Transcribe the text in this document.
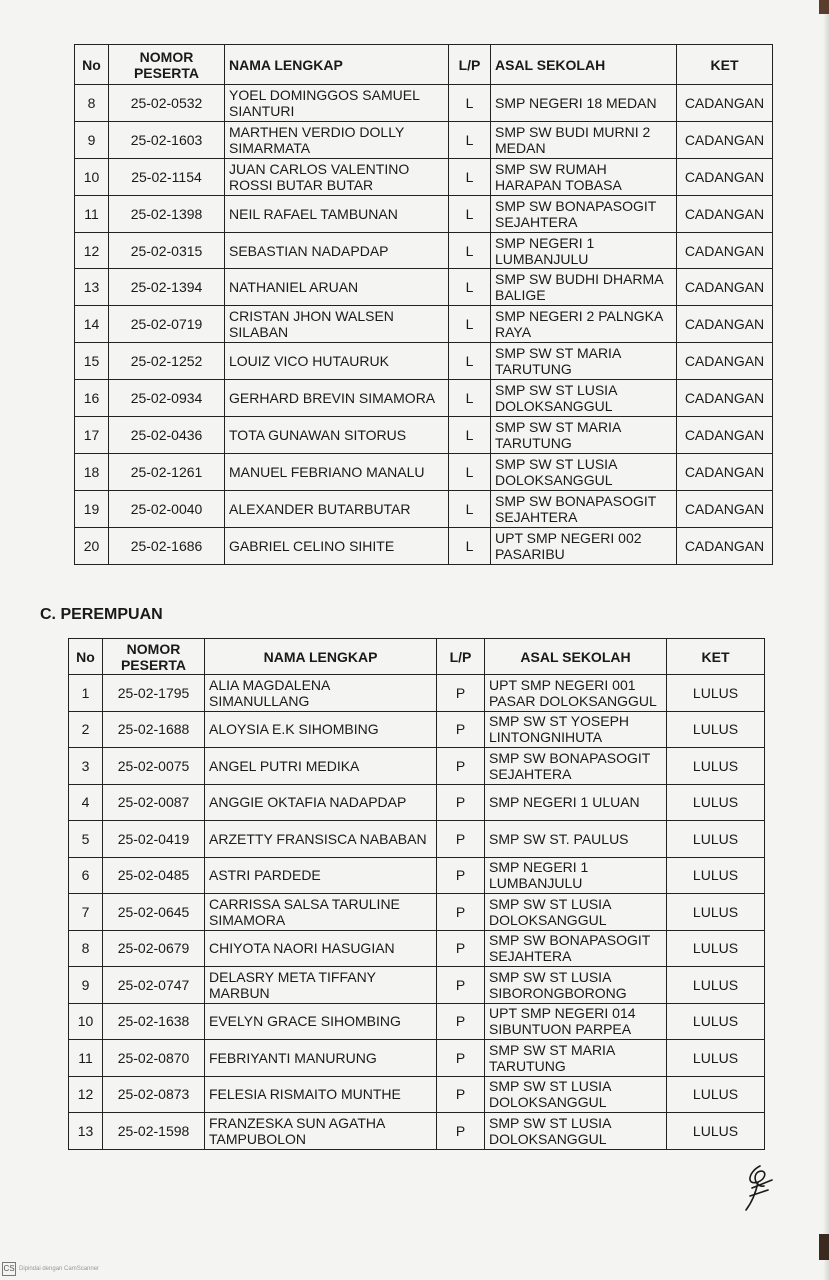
No	NOMOR PESERTA	NAMA LENGKAP	L/P	ASAL SEKOLAH	KET
8	25-02-0532	YOEL DOMINGGOS SAMUEL SIANTURI	L	SMP NEGERI 18 MEDAN	CADANGAN
9	25-02-1603	MARTHEN VERDIO DOLLY SIMARMATA	L	SMP SW BUDI MURNI 2 MEDAN	CADANGAN
10	25-02-1154	JUAN CARLOS VALENTINO ROSSI BUTAR BUTAR	L	SMP SW RUMAH HARAPAN TOBASA	CADANGAN
11	25-02-1398	NEIL RAFAEL TAMBUNAN	L	SMP SW BONAPASOGIT SEJAHTERA	CADANGAN
12	25-02-0315	SEBASTIAN NADAPDAP	L	SMP NEGERI 1 LUMBANJULU	CADANGAN
13	25-02-1394	NATHANIEL ARUAN	L	SMP SW BUDHI DHARMA BALIGE	CADANGAN
14	25-02-0719	CRISTAN JHON WALSEN SILABAN	L	SMP NEGERI 2 PALNGKA RAYA	CADANGAN
15	25-02-1252	LOUIZ VICO HUTAURUK	L	SMP SW ST MARIA TARUTUNG	CADANGAN
16	25-02-0934	GERHARD BREVIN SIMAMORA	L	SMP SW ST LUSIA DOLOKSANGGUL	CADANGAN
17	25-02-0436	TOTA GUNAWAN SITORUS	L	SMP SW ST MARIA TARUTUNG	CADANGAN
18	25-02-1261	MANUEL FEBRIANO MANALU	L	SMP SW ST LUSIA DOLOKSANGGUL	CADANGAN
19	25-02-0040	ALEXANDER BUTARBUTAR	L	SMP SW BONAPASOGIT SEJAHTERA	CADANGAN
20	25-02-1686	GABRIEL CELINO SIHITE	L	UPT SMP NEGERI 002 PASARIBU	CADANGAN
C. PEREMPUAN
No	NOMOR PESERTA	NAMA LENGKAP	L/P	ASAL SEKOLAH	KET
1	25-02-1795	ALIA MAGDALENA SIMANULLANG	P	UPT SMP NEGERI 001 PASAR DOLOKSANGGUL	LULUS
2	25-02-1688	ALOYSIA E.K SIHOMBING	P	SMP SW ST YOSEPH LINTONGNIHUTA	LULUS
3	25-02-0075	ANGEL PUTRI MEDIKA	P	SMP SW BONAPASOGIT SEJAHTERA	LULUS
4	25-02-0087	ANGGIE OKTAFIA NADAPDAP	P	SMP NEGERI 1 ULUAN	LULUS
5	25-02-0419	ARZETTY FRANSISCA NABABAN	P	SMP SW ST. PAULUS	LULUS
6	25-02-0485	ASTRI PARDEDE	P	SMP NEGERI 1 LUMBANJULU	LULUS
7	25-02-0645	CARRISSA SALSA TARULINE SIMAMORA	P	SMP SW ST LUSIA DOLOKSANGGUL	LULUS
8	25-02-0679	CHIYOTA NAORI HASUGIAN	P	SMP SW BONAPASOGIT SEJAHTERA	LULUS
9	25-02-0747	DELASRY META TIFFANY MARBUN	P	SMP SW ST LUSIA SIBORONGBORONG	LULUS
10	25-02-1638	EVELYN GRACE SIHOMBING	P	UPT SMP NEGERI 014 SIBUNTUON PARPEA	LULUS
11	25-02-0870	FEBRIYANTI MANURUNG	P	SMP SW ST MARIA TARUTUNG	LULUS
12	25-02-0873	FELESIA RISMAITO MUNTHE	P	SMP SW ST LUSIA DOLOKSANGGUL	LULUS
13	25-02-1598	FRANZESKA SUN AGATHA TAMPUBOLON	P	SMP SW ST LUSIA DOLOKSANGGUL	LULUS
CS Dipindai dengan CamScanner
